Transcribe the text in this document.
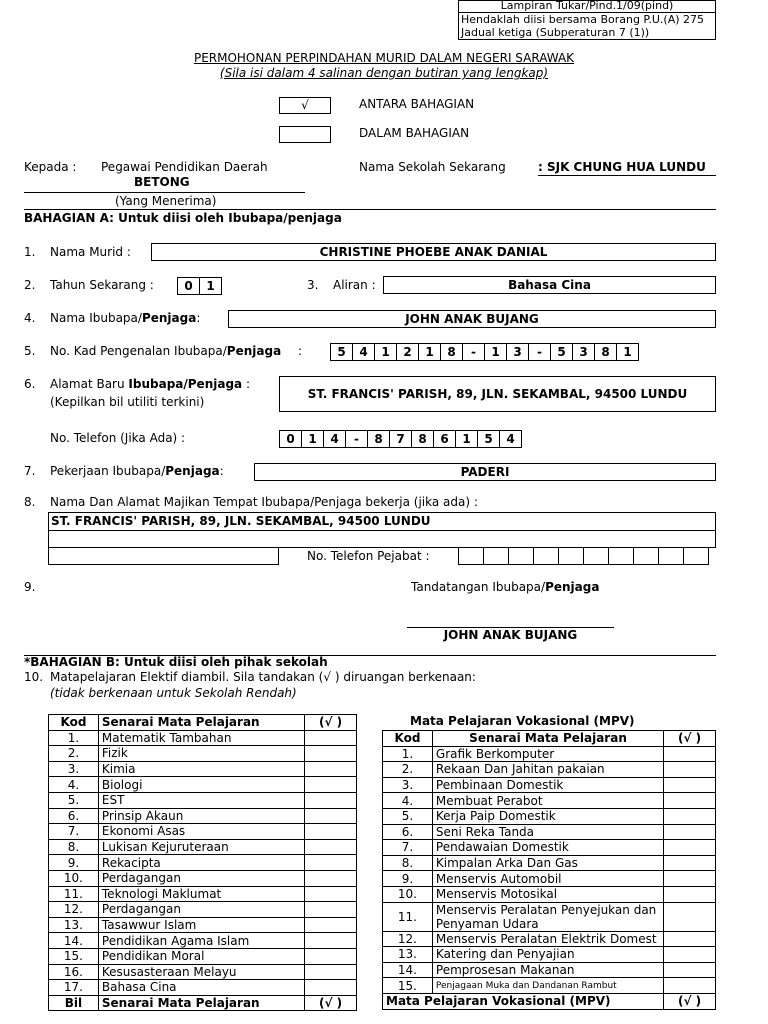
Lampiran Tukar/Pind.1/09(pind)
Hendaklah diisi bersama Borang P.U.(A) 275
Jadual ketiga (Subperaturan 7 (1))
PERMOHONAN PERPINDAHAN MURID DALAM NEGERI SARAWAK
(Sila isi dalam 4 salinan dengan butiran yang lengkap)
√	ANTARA BAHAGIAN
DALAM BAHAGIAN
Kepada : Pegawai Pendidikan Daerah
BETONG
(Yang Menerima)
Nama Sekolah Sekarang	: SJK CHUNG HUA LUNDU
BAHAGIAN A: Untuk diisi oleh Ibubapa/penjaga
1. Nama Murid :	CHRISTINE PHOEBE ANAK DANIAL
2. Tahun Sekarang :	0	1	3. Aliran :	Bahasa Cina
4. Nama Ibubapa/Penjaga:	JOHN ANAK BUJANG
5. No. Kad Pengenalan Ibubapa/Penjaga :	5	4	1	2	1	8	-	1	3	-	5	3	8	1
6. Alamat Baru Ibubapa/Penjaga :
(Kepilkan bil utiliti terkini)
ST. FRANCIS' PARISH, 89, JLN. SEKAMBAL, 94500 LUNDU
No. Telefon (Jika Ada) :	0	1	4	-	8	7	8	6	1	5	4
7. Pekerjaan Ibubapa/Penjaga:	PADERI
8. Nama Dan Alamat Majikan Tempat Ibubapa/Penjaga bekerja (jika ada) :
ST. FRANCIS' PARISH, 89, JLN. SEKAMBAL, 94500 LUNDU
No. Telefon Pejabat :
9.	Tandatangan Ibubapa/Penjaga
JOHN ANAK BUJANG
*BAHAGIAN B: Untuk diisi oleh pihak sekolah
10. Matapelajaran Elektif diambil. Sila tandakan (√ ) diruangan berkenaan:
(tidak berkenaan untuk Sekolah Rendah)
Kod	Senarai Mata Pelajaran	(√ )
1.	Matematik Tambahan	
2.	Fizik	
3.	Kimia	
4.	Biologi	
5.	EST	
6.	Prinsip Akaun	
7.	Ekonomi Asas	
8.	Lukisan Kejuruteraan	
9.	Rekacipta	
10.	Perdagangan	
11.	Teknologi Maklumat	
12.	Perdagangan	
13.	Tasawwur Islam	
14.	Pendidikan Agama Islam	
15.	Pendidikan Moral	
16.	Kesusasteraan Melayu	
17.	Bahasa Cina	
Bil	Senarai Mata Pelajaran	(√ )
Mata Pelajaran Vokasional (MPV)
Kod	Senarai Mata Pelajaran	(√ )
1.	Grafik Berkomputer	
2.	Rekaan Dan Jahitan pakaian	
3.	Pembinaan Domestik	
4.	Membuat Perabot	
5.	Kerja Paip Domestik	
6.	Seni Reka Tanda	
7.	Pendawaian Domestik	
8.	Kimpalan Arka Dan Gas	
9.	Menservis Automobil	
10.	Menservis Motosikal	
11.	Menservis Peralatan Penyejukan dan Penyaman Udara	
12.	Menservis Peralatan Elektrik Domest	
13.	Katering dan Penyajian	
14.	Pemprosesan Makanan	
15.	Penjagaan Muka dan Dandanan Rambut	
Mata Pelajaran Vokasional (MPV)		(√ )
